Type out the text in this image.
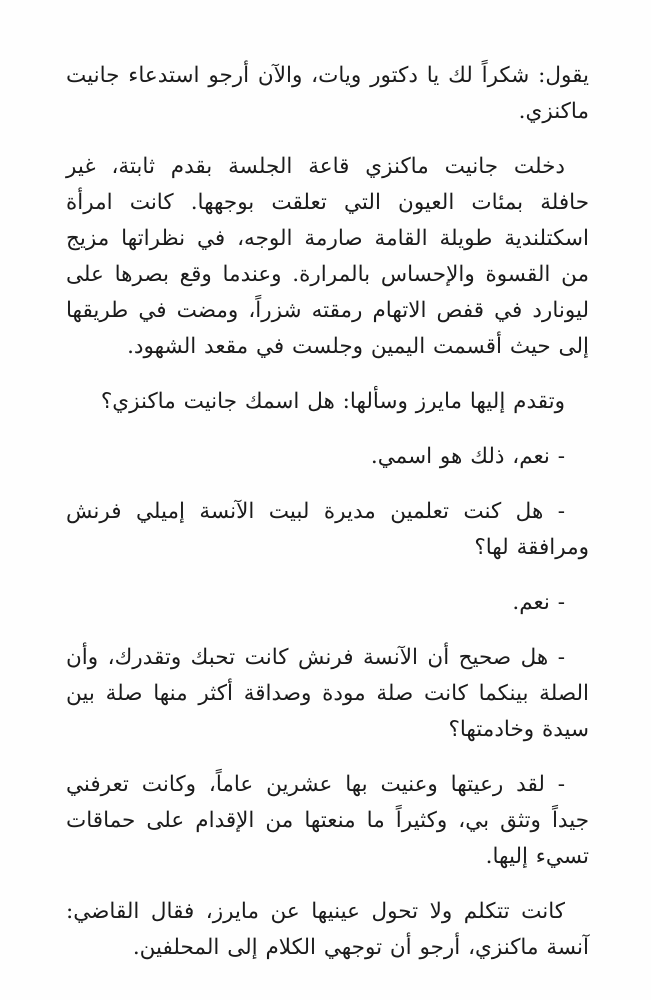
يقول: شكراً لك يا دكتور ويات، والآن أرجو استدعاء جانيت ماكنزي.

دخلت جانيت ماكنزي قاعة الجلسة بقدم ثابتة، غير حافلة بمئات العيون التي تعلقت بوجهها. كانت امرأة اسكتلندية طويلة القامة صارمة الوجه، في نظراتها مزيج من القسوة والإحساس بالمرارة. وعندما وقع بصرها على ليونارد في قفص الاتهام رمقته شزراً، ومضت في طريقها إلى حيث أقسمت اليمين وجلست في مقعد الشهود.

وتقدم إليها مايرز وسألها: هل اسمك جانيت ماكنزي؟

- نعم، ذلك هو اسمي.

- هل كنت تعلمين مديرة لبيت الآنسة إميلي فرنش ومرافقة لها؟

- نعم.

- هل صحيح أن الآنسة فرنش كانت تحبك وتقدرك، وأن الصلة بينكما كانت صلة مودة وصداقة أكثر منها صلة بين سيدة وخادمتها؟

- لقد رعيتها وعنيت بها عشرين عاماً، وكانت تعرفني جيداً وتثق بي، وكثيراً ما منعتها من الإقدام على حماقات تسيء إليها.

كانت تتكلم ولا تحول عينيها عن مايرز، فقال القاضي: آنسة ماكنزي، أرجو أن توجهي الكلام إلى المحلفين.
